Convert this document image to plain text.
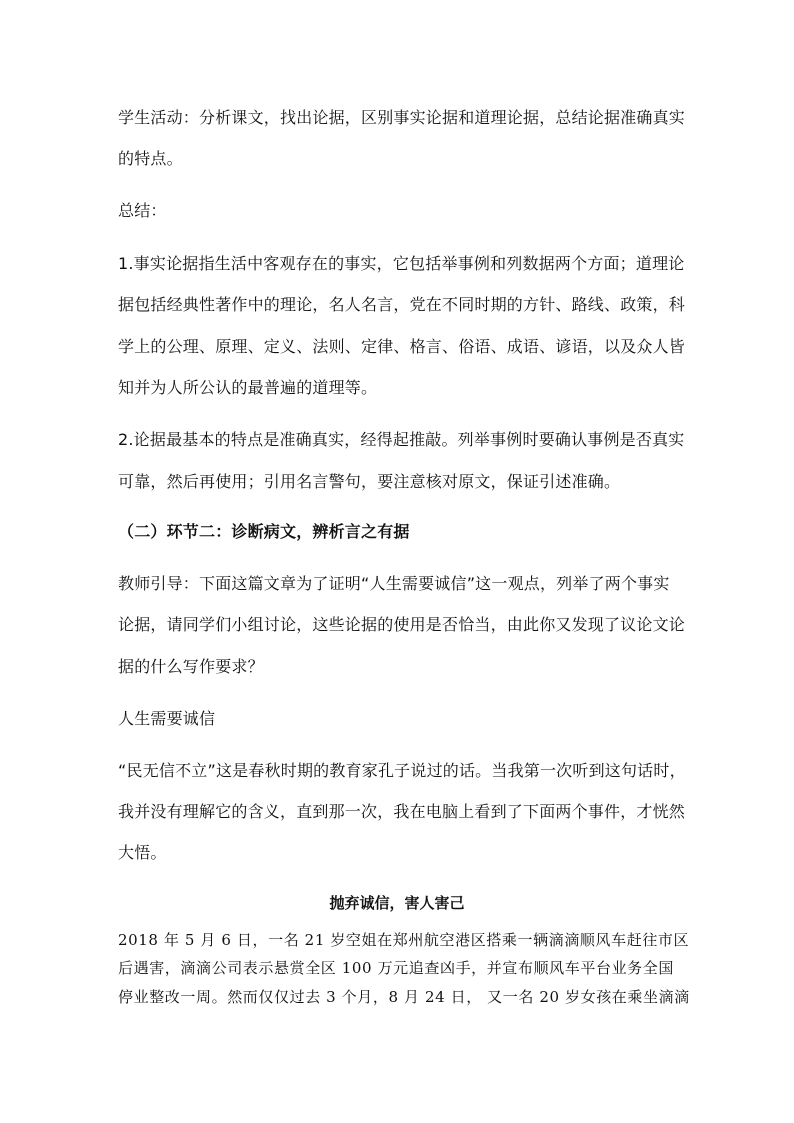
学生活动：分析课文，找出论据，区别事实论据和道理论据，总结论据准确真实
的特点。
总结：
1.事实论据指生活中客观存在的事实，它包括举事例和列数据两个方面；道理论
据包括经典性著作中的理论，名人名言，党在不同时期的方针、路线、政策，科
学上的公理、原理、定义、法则、定律、格言、俗语、成语、谚语，以及众人皆
知并为人所公认的最普遍的道理等。
2.论据最基本的特点是准确真实，经得起推敲。列举事例时要确认事例是否真实
可靠，然后再使用；引用名言警句，要注意核对原文，保证引述准确。
（二）环节二：诊断病文，辨析言之有据
教师引导：下面这篇文章为了证明“人生需要诚信”这一观点，列举了两个事实
论据，请同学们小组讨论，这些论据的使用是否恰当，由此你又发现了议论文论
据的什么写作要求？
人生需要诚信
“民无信不立”这是春秋时期的教育家孔子说过的话。当我第一次听到这句话时，
我并没有理解它的含义，直到那一次，我在电脑上看到了下面两个事件，才恍然
大悟。
抛弃诚信，害人害己
2018 年 5 月 6 日，一名 21 岁空姐在郑州航空港区搭乘一辆滴滴顺风车赶往市区
后遇害，滴滴公司表示悬赏全区 100 万元追查凶手，并宣布顺风车平台业务全国
停业整改一周。然而仅仅过去 3 个月，8 月 24 日， 又一名 20 岁女孩在乘坐滴滴
